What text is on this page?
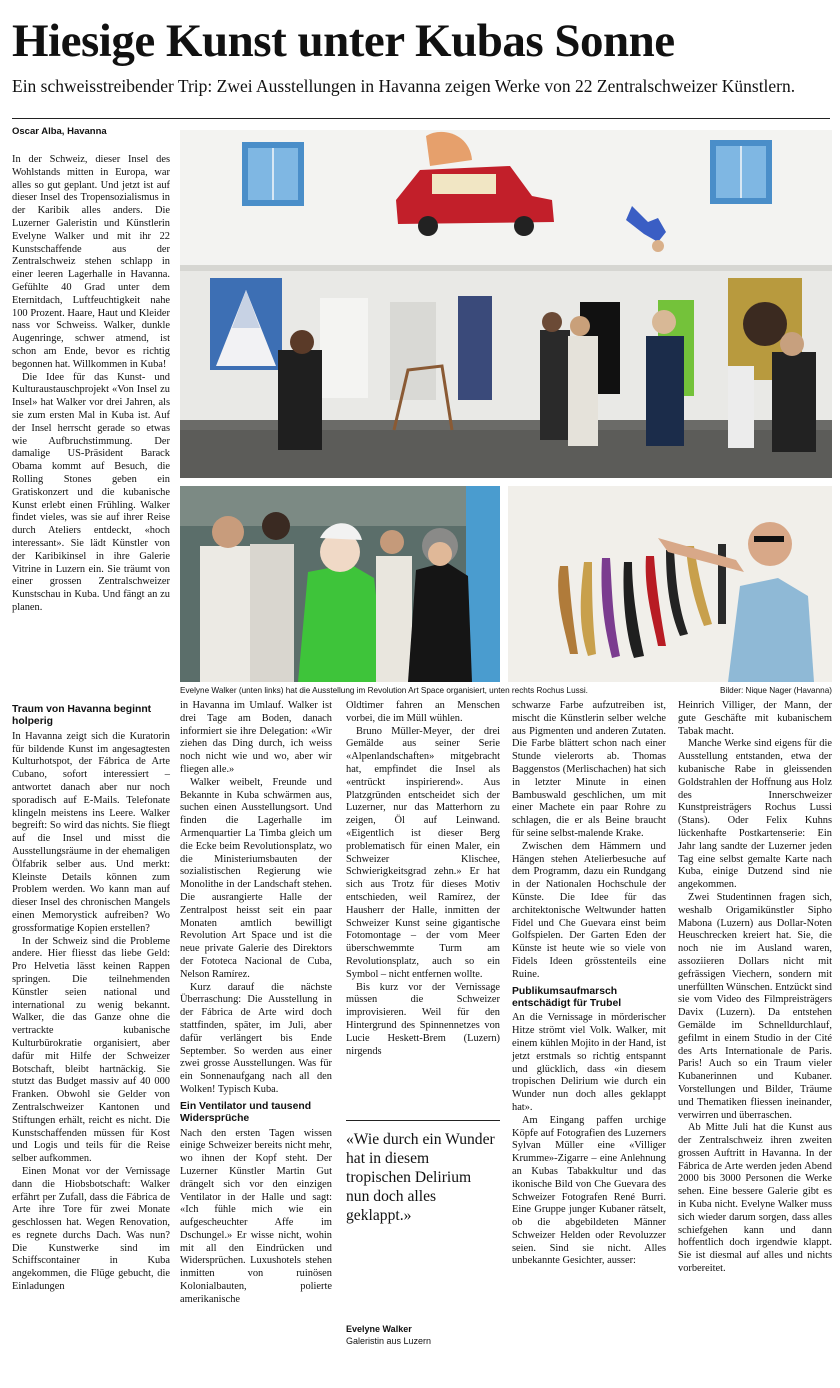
Hiesige Kunst unter Kubas Sonne

Ein schweisstreibender Trip: Zwei Ausstellungen in Havanna zeigen Werke von 22 Zentralschweizer Künstlern.

Oscar Alba, Havanna

In der Schweiz, dieser Insel des Wohlstands mitten in Europa, war alles so gut geplant. Und jetzt ist auf dieser Insel des Tropensozialismus in der Karibik alles anders. Die Luzerner Galeristin und Künstlerin Evelyne Walker und mit ihr 22 Kunstschaffende aus der Zentralschweiz stehen schlapp in einer leeren Lagerhalle in Havanna. Gefühlte 40 Grad unter dem Eternitdach, Luftfeuchtigkeit nahe 100 Prozent. Haare, Haut und Kleider nass vor Schweiss. Walker, dunkle Augenringe, schwer atmend, ist schon am Ende, bevor es richtig begonnen hat. Willkommen in Kuba!

Die Idee für das Kunst- und Kulturaustauschprojekt «Von Insel zu Insel» hat Walker vor drei Jahren, als sie zum ersten Mal in Kuba ist. Auf der Insel herrscht gerade so etwas wie Aufbruchstimmung. Der damalige US-Präsident Barack Obama kommt auf Besuch, die Rolling Stones geben ein Gratiskonzert und die kubanische Kunst erlebt einen Frühling. Walker findet vieles, was sie auf ihrer Reise durch Ateliers entdeckt, «hoch interessant». Sie lädt Künstler von der Karibikinsel in ihre Galerie Vitrine in Luzern ein. Sie träumt von einer grossen Zentralschweizer Kunstschau in Kuba. Und fängt an zu planen.

Evelyne Walker (unten links) hat die Ausstellung im Revolution Art Space organisiert, unten rechts Rochus Lussi.	Bilder: Nique Nager (Havanna)
Traum von Havanna beginnt holperig

In Havanna zeigt sich die Kuratorin für bildende Kunst im angesagtesten Kulturhotspot, der Fábrica de Arte Cubano, sofort interessiert – antwortet danach aber nur noch sporadisch auf E-Mails. Telefonate klingeln meistens ins Leere. Walker begreift: So wird das nichts. Sie fliegt auf die Insel und misst die Ausstellungsräume in der ehemaligen Ölfabrik selber aus. Und merkt: Kleinste Details können zum Problem werden. Wo kann man auf dieser Insel des chronischen Mangels einen Memorystick aufreiben? Wo grossformatige Kopien erstellen?

In der Schweiz sind die Probleme andere. Hier fliesst das liebe Geld: Pro Helvetia lässt keinen Rappen springen. Die teilnehmenden Künstler seien national und international zu wenig bekannt. Walker, die das Ganze ohne die vertrackte kubanische Kulturbürokratie organisiert, aber dafür mit Hilfe der Schweizer Botschaft, bleibt hartnäckig. Sie stutzt das Budget massiv auf 40 000 Franken. Obwohl sie Gelder von Zentralschweizer Kantonen und Stiftungen erhält, reicht es nicht. Die Kunstschaffenden müssen für Kost und Logis und teils für die Reise selber aufkommen.

Einen Monat vor der Vernissage dann die Hiobsbotschaft: Walker erfährt per Zufall, dass die Fábrica de Arte ihre Tore für zwei Monate geschlossen hat. Wegen Renovation, es regnete durchs Dach. Was nun? Die Kunstwerke sind im Schiffscontainer in Kuba angekommen, die Flüge gebucht, die Einladungen

in Havanna im Umlauf. Walker ist drei Tage am Boden, danach informiert sie ihre Delegation: «Wir ziehen das Ding durch, ich weiss noch nicht wie und wo, aber wir fliegen alle.»

Walker weibelt, Freunde und Bekannte in Kuba schwärmen aus, suchen einen Ausstellungsort. Und finden die Lagerhalle im Armenquartier La Timba gleich um die Ecke beim Revolutionsplatz, wo die Ministeriumsbauten der sozialistischen Regierung wie Monolithe in der Landschaft stehen. Die ausrangierte Halle der Zentralpost heisst seit ein paar Monaten amtlich bewilligt Revolution Art Space und ist die neue private Galerie des Direktors der Fototeca Nacional de Cuba, Nelson Ramírez.

Kurz darauf die nächste Überraschung: Die Ausstellung in der Fábrica de Arte wird doch stattfinden, später, im Juli, aber dafür verlängert bis Ende September. So werden aus einer zwei grosse Ausstellungen. Was für ein Sonnenaufgang nach all den Wolken! Typisch Kuba.

Ein Ventilator und tausend Widersprüche

Nach den ersten Tagen wissen einige Schweizer bereits nicht mehr, wo ihnen der Kopf steht. Der Luzerner Künstler Martin Gut drängelt sich vor den einzigen Ventilator in der Halle und sagt: «Ich fühle mich wie ein aufgescheuchter Affe im Dschungel.» Er wisse nicht, wohin mit all den Eindrücken und Widersprüchen. Luxushotels stehen inmitten von ruinösen Kolonialbauten, polierte amerikanische

Oldtimer fahren an Menschen vorbei, die im Müll wühlen.

Bruno Müller-Meyer, der drei Gemälde aus seiner Serie «Alpenlandschaften» mitgebracht hat, empfindet die Insel als «entrückt inspirierend». Aus Platzgründen entscheidet sich der Luzerner, nur das Matterhorn zu zeigen, Öl auf Leinwand. «Eigentlich ist dieser Berg problematisch für einen Maler, ein Schweizer Klischee, Schwierigkeitsgrad zehn.» Er hat sich aus Trotz für dieses Motiv entschieden, weil Ramírez, der Hausherr der Halle, inmitten der Schweizer Kunst seine gigantische Fotomontage – der vom Meer überschwemmte Turm am Revolutionsplatz, auch so ein Symbol – nicht entfernen wollte.

Bis kurz vor der Vernissage müssen die Schweizer improvisieren. Weil für den Hintergrund des Spinnennetzes von Lucie Heskett-Brem (Luzern) nirgends

«Wie durch ein Wunder hat in diesem tropischen Delirium nun doch alles geklappt.»
Evelyne Walker
Galeristin aus Luzern

schwarze Farbe aufzutreiben ist, mischt die Künstlerin selber welche aus Pigmenten und anderen Zutaten. Die Farbe blättert schon nach einer Stunde vielerorts ab. Thomas Baggenstos (Merlischachen) hat sich in letzter Minute in einen Bambuswald geschlichen, um mit einer Machete ein paar Rohre zu schlagen, die er als Beine braucht für seine selbst-malende Krake.

Zwischen dem Hämmern und Hängen stehen Atelierbesuche auf dem Programm, dazu ein Rundgang in der Nationalen Hochschule der Künste. Die Idee für das architektonische Weltwunder hatten Fidel und Che Guevara einst beim Golfspielen. Der Garten Eden der Künste ist heute wie so viele von Fidels Ideen grösstenteils eine Ruine.

Publikumsaufmarsch entschädigt für Trubel

An die Vernissage in mörderischer Hitze strömt viel Volk. Walker, mit einem kühlen Mojito in der Hand, ist jetzt erstmals so richtig entspannt und glücklich, dass «in diesem tropischen Delirium wie durch ein Wunder nun doch alles geklappt hat».

Am Eingang paffen urchige Köpfe auf Fotografien des Luzerners Sylvan Müller eine «Villiger Krumme»-Zigarre – eine Anlehnung an Kubas Tabakkultur und das ikonische Bild von Che Guevara des Schweizer Fotografen René Burri. Eine Gruppe junger Kubaner rätselt, ob die abgebildeten Männer Schweizer Helden oder Revoluzzer seien. Sind sie nicht. Alles unbekannte Gesichter, ausser:

Heinrich Villiger, der Mann, der gute Geschäfte mit kubanischem Tabak macht.

Manche Werke sind eigens für die Ausstellung entstanden, etwa der kubanische Rabe in gleissenden Goldstrahlen der Hoffnung aus Holz des Innerschweizer Kunstpreisträgers Rochus Lussi (Stans). Oder Felix Kuhns lückenhafte Postkartenserie: Ein Jahr lang sandte der Luzerner jeden Tag eine selbst gemalte Karte nach Kuba, einige Dutzend sind nie angekommen.

Zwei Studentinnen fragen sich, weshalb Origamikünstler Sipho Mabona (Luzern) aus Dollar-Noten Heuschrecken kreiert hat. Sie, die noch nie im Ausland waren, assoziieren Dollars nicht mit gefrässigen Viechern, sondern mit unerfüllten Wünschen. Entzückt sind sie vom Video des Filmpreisträgers Davix (Luzern). Da entstehen Gemälde im Schnelldurchlauf, gefilmt in einem Studio in der Cité des Arts Internationale de Paris. Paris! Auch so ein Traum vieler Kubanerinnen und Kubaner. Vorstellungen und Bilder, Träume und Thematiken fliessen ineinander, verwirren und überraschen.

Ab Mitte Juli hat die Kunst aus der Zentralschweiz ihren zweiten grossen Auftritt in Havanna. In der Fábrica de Arte werden jeden Abend 2000 bis 3000 Personen die Werke sehen. Eine bessere Galerie gibt es in Kuba nicht. Evelyne Walker muss sich wieder darum sorgen, dass alles schiefgehen kann und dann hoffentlich doch irgendwie klappt. Sie ist diesmal auf alles und nichts vorbereitet.
